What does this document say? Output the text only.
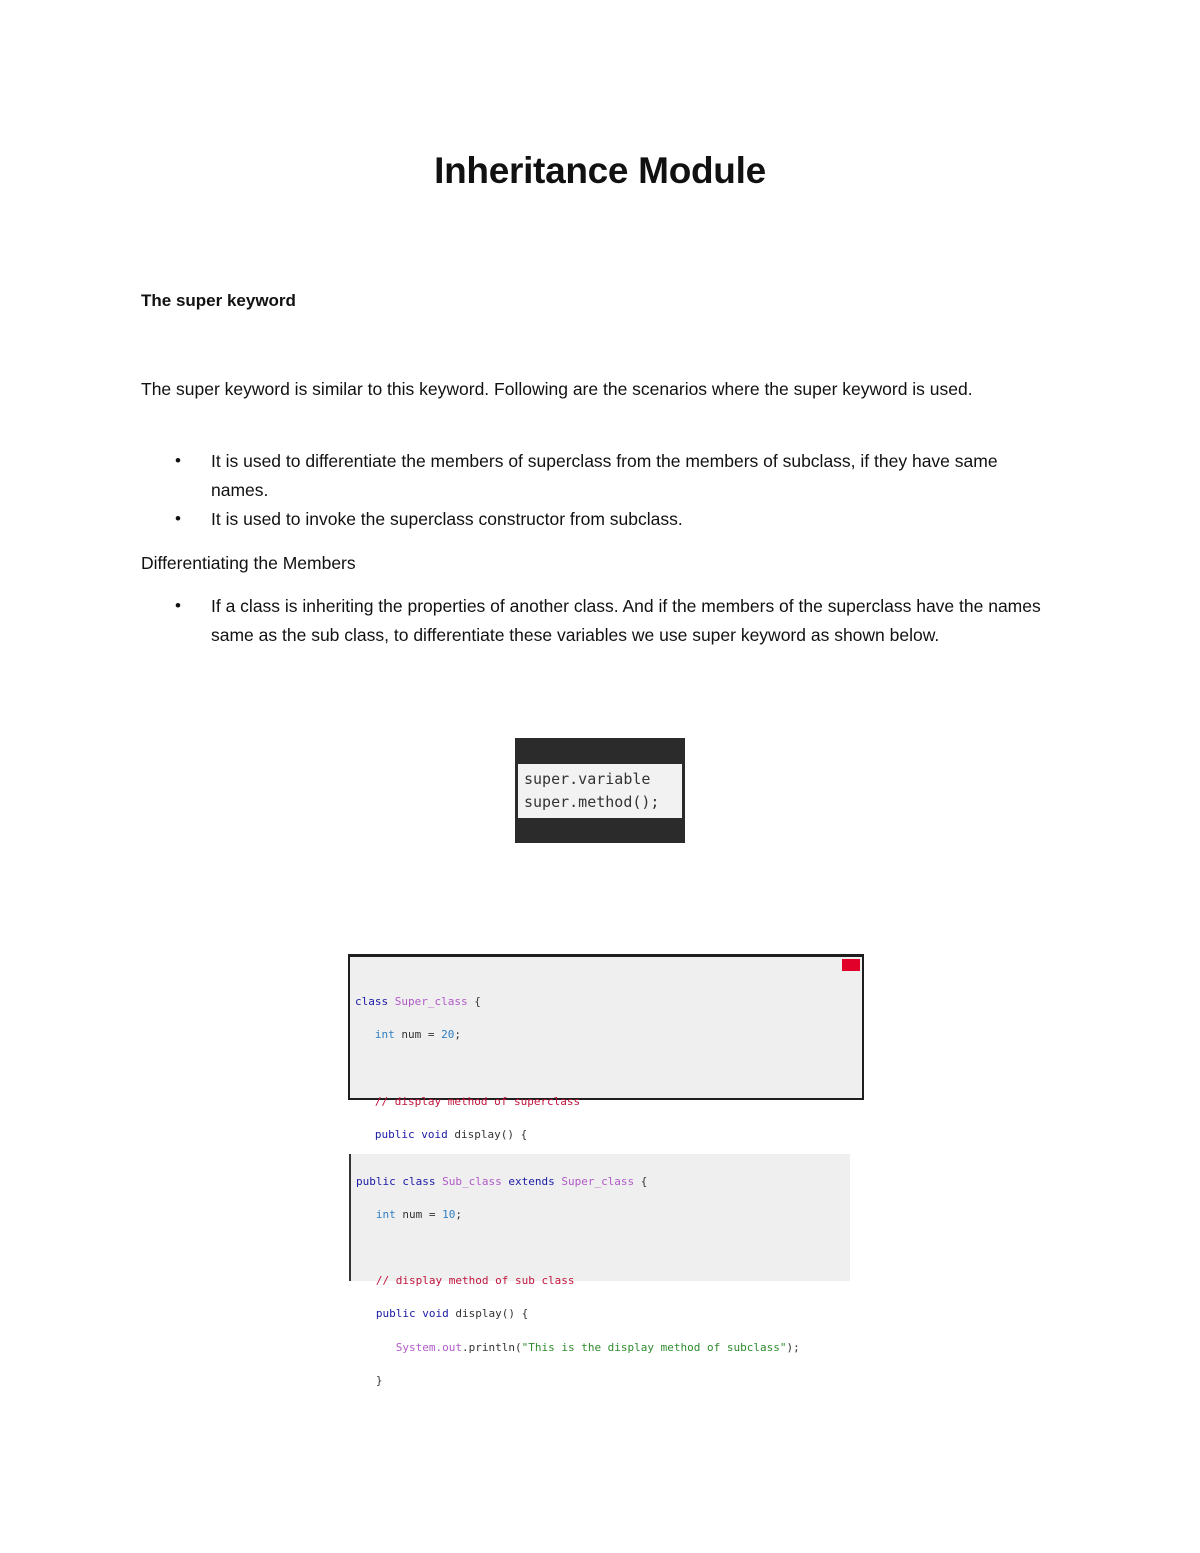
Inheritance Module
The super keyword

The super keyword is similar to this keyword. Following are the scenarios where the super keyword is used.

• It is used to differentiate the members of superclass from the members of subclass, if they have same names.
• It is used to invoke the superclass constructor from subclass.

Differentiating the Members

• If a class is inheriting the properties of another class. And if the members of the superclass have the names same as the sub class, to differentiate these variables we use super keyword as shown below.
super.variable
super.method();

class Super_class {

int num = 20;

// display method of superclass

public void display() {

public class Sub_class extends Super_class {

int num = 10;

// display method of sub class

public void display() {

System.out.println("This is the display method of subclass");

}
